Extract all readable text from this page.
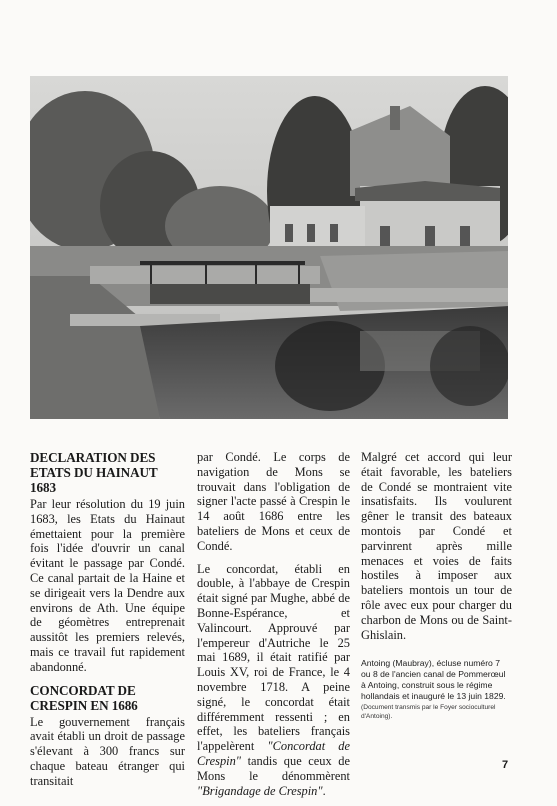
DECLARATION DES ETATS DU HAINAUT 1683

Par leur résolution du 19 juin 1683, les Etats du Hainaut émettaient pour la première fois l'idée d'ouvrir un canal évitant le passage par Condé. Ce canal partait de la Haine et se dirigeait vers la Dendre aux environs de Ath. Une équipe de géomètres entreprenait aussitôt les premiers relevés, mais ce travail fut rapidement abandonné.

CONCORDAT DE CRESPIN EN 1686

Le gouvernement français avait établi un droit de passage s'élevant à 300 francs sur chaque bateau étranger qui transitait

par Condé. Le corps de navigation de Mons se trouvait dans l'obligation de signer l'acte passé à Crespin le 14 août 1686 entre les bateliers de Mons et ceux de Condé.

Le concordat, établi en double, à l'abbaye de Crespin était signé par Mughe, abbé de Bonne-Espérance, et Valincourt. Approuvé par l'empereur d'Autriche le 25 mai 1689, il était ratifié par Louis XV, roi de France, le 4 novembre 1718. A peine signé, le concordat était différemment ressenti ; en effet, les bateliers français l'appelèrent "Concordat de Crespin" tandis que ceux de Mons le dénommèrent "Brigandage de Crespin".

Malgré cet accord qui leur était favorable, les bateliers de Condé se montraient vite insatisfaits. Ils voulurent gêner le transit des bateaux montois par Condé et parvinrent après mille menaces et voies de faits hostiles à imposer aux bateliers montois un tour de rôle avec eux pour charger du charbon de Mons ou de Saint-Ghislain.

Antoing (Maubray), écluse numéro 7 ou 8 de l'ancien canal de Pommerœul à Antoing, construit sous le régime hollandais et inauguré le 13 juin 1829.
(Document transmis par le Foyer socioculturel d'Antoing).
7
